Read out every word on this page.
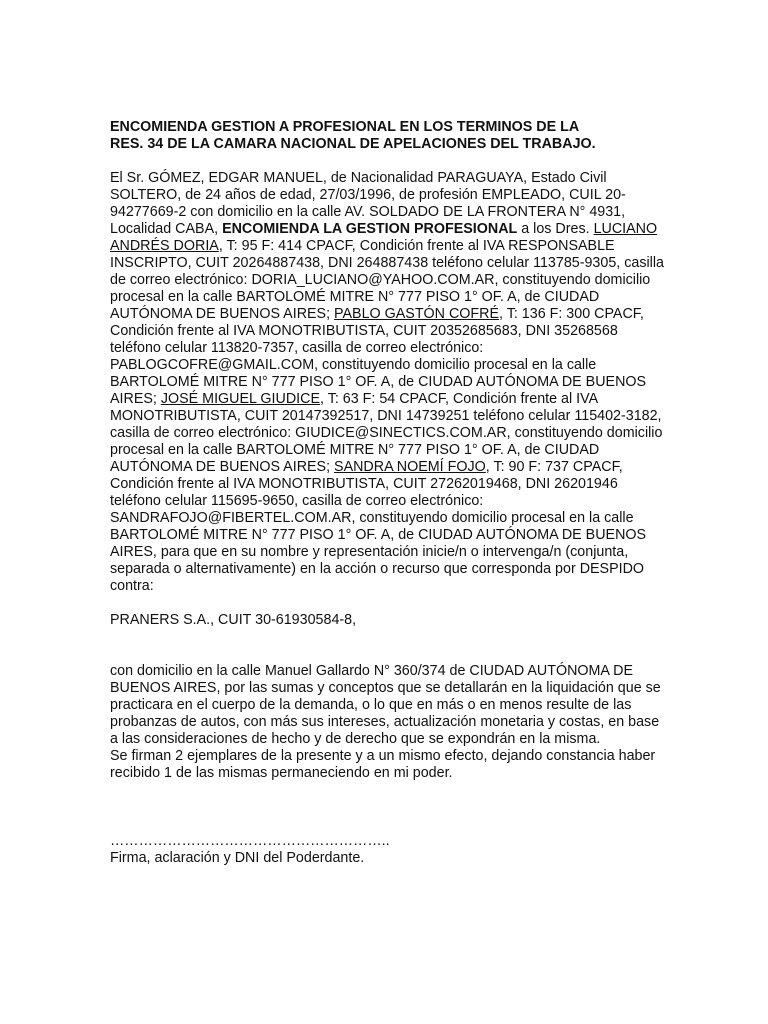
ENCOMIENDA GESTION A PROFESIONAL EN LOS TERMINOS DE LA
RES. 34 DE LA CAMARA NACIONAL DE APELACIONES DEL TRABAJO.

El Sr. GÓMEZ, EDGAR MANUEL, de Nacionalidad PARAGUAYA, Estado Civil SOLTERO, de 24 años de edad, 27/03/1996, de profesión EMPLEADO, CUIL 20-94277669-2 con domicilio en la calle AV. SOLDADO DE LA FRONTERA N° 4931, Localidad CABA, ENCOMIENDA LA GESTION PROFESIONAL a los Dres. LUCIANO ANDRÉS DORIA, T: 95 F: 414 CPACF, Condición frente al IVA RESPONSABLE INSCRIPTO, CUIT 20264887438, DNI 264887438 teléfono celular 113785-9305, casilla de correo electrónico: DORIA_LUCIANO@YAHOO.COM.AR, constituyendo domicilio procesal en la calle BARTOLOMÉ MITRE N° 777 PISO 1° OF. A, de CIUDAD AUTÓNOMA DE BUENOS AIRES; PABLO GASTÓN COFRÉ, T: 136 F: 300 CPACF, Condición frente al IVA MONOTRIBUTISTA, CUIT 20352685683, DNI 35268568 teléfono celular 113820-7357, casilla de correo electrónico: PABLOGCOFRE@GMAIL.COM, constituyendo domicilio procesal en la calle BARTOLOMÉ MITRE N° 777 PISO 1° OF. A, de CIUDAD AUTÓNOMA DE BUENOS AIRES; JOSÉ MIGUEL GIUDICE, T: 63 F: 54 CPACF, Condición frente al IVA MONOTRIBUTISTA, CUIT 20147392517, DNI 14739251 teléfono celular 115402-3182, casilla de correo electrónico: GIUDICE@SINECTICS.COM.AR, constituyendo domicilio procesal en la calle BARTOLOMÉ MITRE N° 777 PISO 1° OF. A, de CIUDAD AUTÓNOMA DE BUENOS AIRES; SANDRA NOEMÍ FOJO, T: 90 F: 737 CPACF, Condición frente al IVA MONOTRIBUTISTA, CUIT 27262019468, DNI 26201946 teléfono celular 115695-9650, casilla de correo electrónico: SANDRAFOJO@FIBERTEL.COM.AR, constituyendo domicilio procesal en la calle BARTOLOMÉ MITRE N° 777 PISO 1° OF. A, de CIUDAD AUTÓNOMA DE BUENOS AIRES, para que en su nombre y representación inicie/n o intervenga/n (conjunta, separada o alternativamente) en la acción o recurso que corresponda por DESPIDO contra:

PRANERS S.A., CUIT 30-61930584-8,

con domicilio en la calle Manuel Gallardo N° 360/374 de CIUDAD AUTÓNOMA DE BUENOS AIRES, por las sumas y conceptos que se detallarán en la liquidación que se practicara en el cuerpo de la demanda, o lo que en más o en menos resulte de las probanzas de autos, con más sus intereses, actualización monetaria y costas, en base a las consideraciones de hecho y de derecho que se expondrán en la misma.

Se firman 2 ejemplares de la presente y a un mismo efecto, dejando constancia haber recibido 1 de las mismas permaneciendo en mi poder.

…………………………………………………..

Firma, aclaración y DNI del Poderdante.
